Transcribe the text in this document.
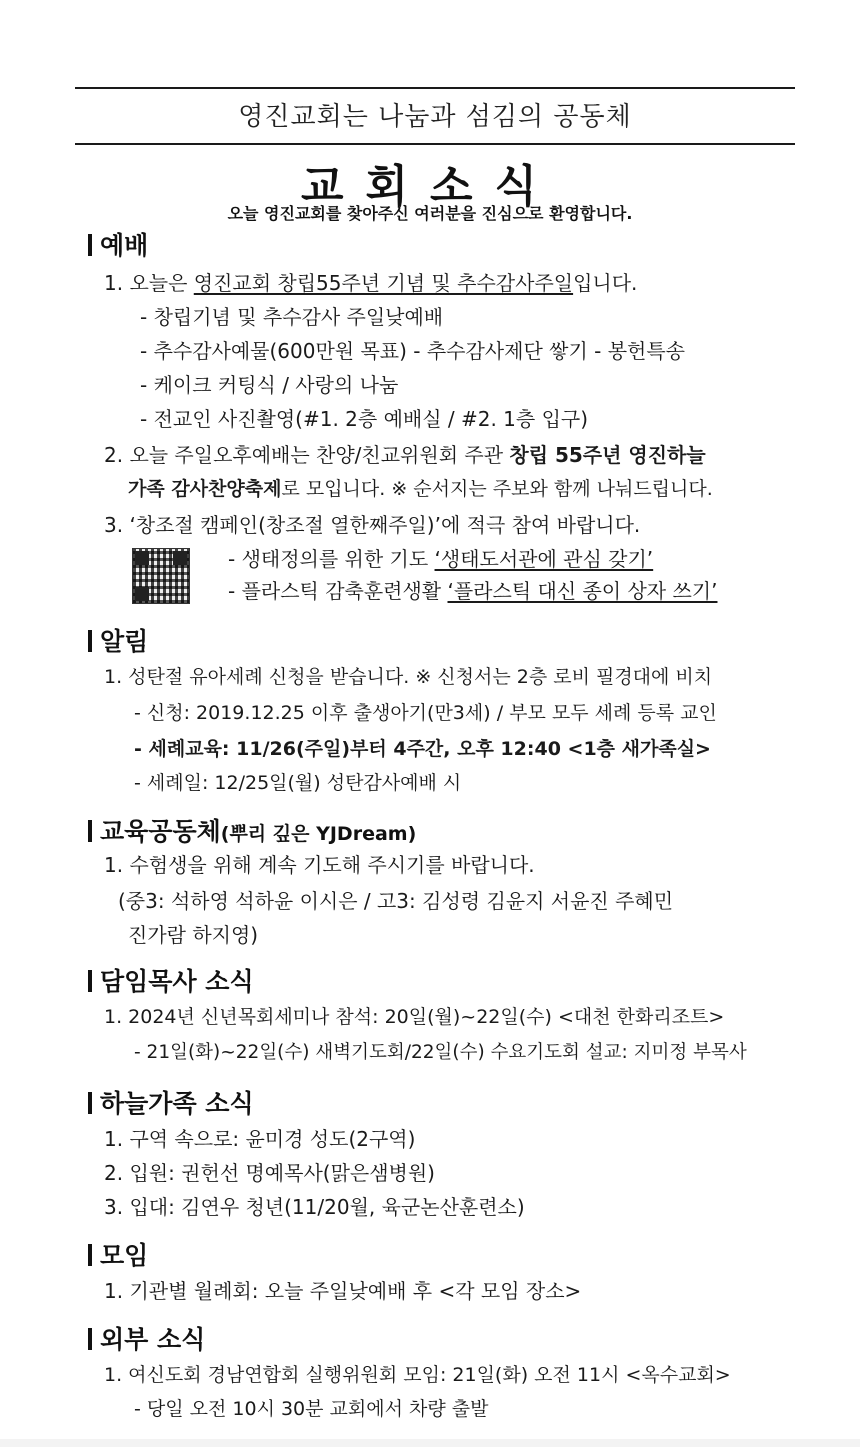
영진교회는 나눔과 섬김의 공동체
교회소식
오늘 영진교회를 찾아주신 여러분을 진심으로 환영합니다.
예배
1. 오늘은 영진교회 창립55주년 기념 및 추수감사주일입니다.
- 창립기념 및 추수감사 주일낮예배
- 추수감사예물(600만원 목표) - 추수감사제단 쌓기 - 봉헌특송
- 케이크 커팅식 / 사랑의 나눔
- 전교인 사진촬영(#1. 2층 예배실 / #2. 1층 입구)
2. 오늘 주일오후예배는 찬양/친교위원회 주관 창립 55주년 영진하늘
가족 감사찬양축제로 모입니다. ※ 순서지는 주보와 함께 나눠드립니다.
3. ‘창조절 캠페인(창조절 열한째주일)’에 적극 참여 바랍니다.
- 생태정의를 위한 기도 ‘생태도서관에 관심 갖기’
- 플라스틱 감축훈련생활 ‘플라스틱 대신 종이 상자 쓰기’
알림
1. 성탄절 유아세례 신청을 받습니다. ※ 신청서는 2층 로비 필경대에 비치
- 신청: 2019.12.25 이후 출생아기(만3세) / 부모 모두 세례 등록 교인
- 세례교육: 11/26(주일)부터 4주간, 오후 12:40 <1층 새가족실>
- 세례일: 12/25일(월) 성탄감사예배 시
교육공동체(뿌리 깊은 YJDream)
1. 수험생을 위해 계속 기도해 주시기를 바랍니다.
(중3: 석하영 석하윤 이시은 / 고3: 김성령 김윤지 서윤진 주혜민
진가람 하지영)
담임목사 소식
1. 2024년 신년목회세미나 참석: 20일(월)~22일(수) <대천 한화리조트>
- 21일(화)~22일(수) 새벽기도회/22일(수) 수요기도회 설교: 지미정 부목사
하늘가족 소식
1. 구역 속으로: 윤미경 성도(2구역)
2. 입원: 권헌선 명예목사(맑은샘병원)
3. 입대: 김연우 청년(11/20월, 육군논산훈련소)
모임
1. 기관별 월례회: 오늘 주일낮예배 후 <각 모임 장소>
외부 소식
1. 여신도회 경남연합회 실행위원회 모임: 21일(화) 오전 11시 <옥수교회>
- 당일 오전 10시 30분 교회에서 차량 출발
